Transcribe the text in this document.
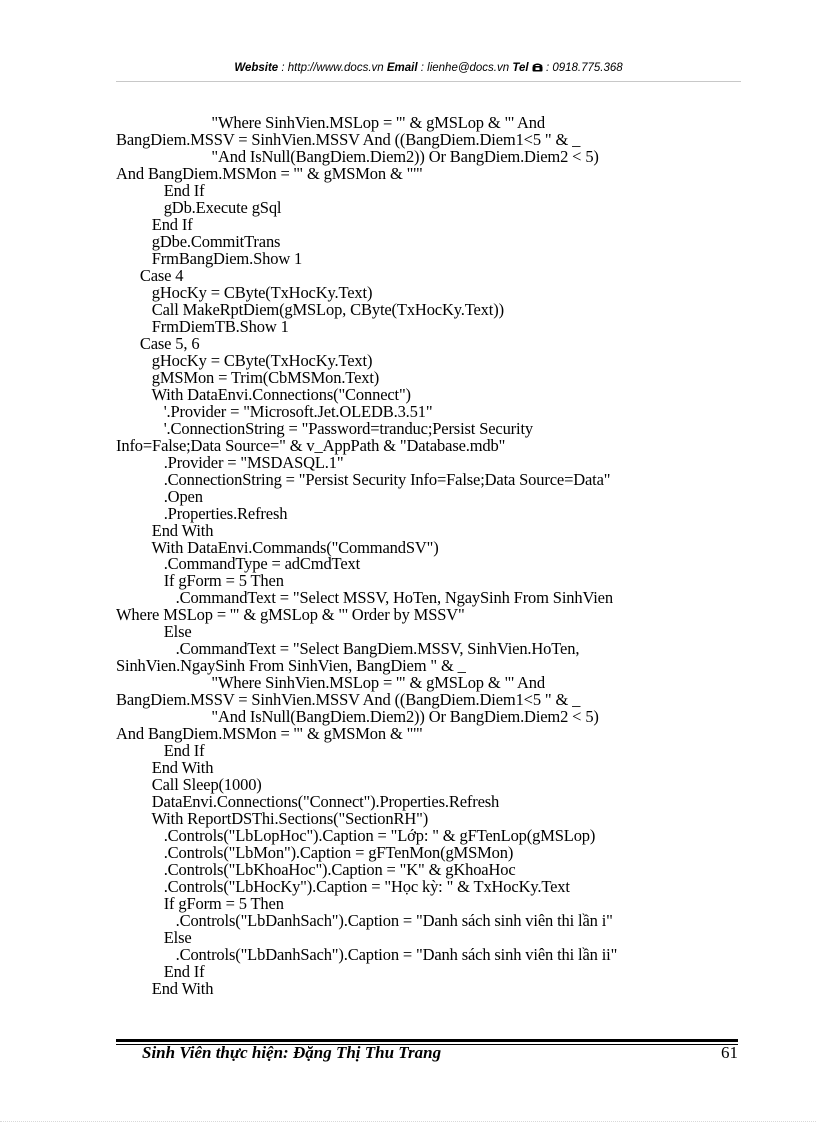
Website : http://www.docs.vn Email : lienhe@docs.vn Tel  : 0918.775.368
"Where SinhVien.MSLop = '" & gMSLop & "' And
BangDiem.MSSV = SinhVien.MSSV And ((BangDiem.Diem1<5 " & _
"And IsNull(BangDiem.Diem2)) Or BangDiem.Diem2 < 5)
And BangDiem.MSMon = '" & gMSMon & "'"
End If
gDb.Execute gSql
End If
gDbe.CommitTrans
FrmBangDiem.Show 1
Case 4
gHocKy = CByte(TxHocKy.Text)
Call MakeRptDiem(gMSLop, CByte(TxHocKy.Text))
FrmDiemTB.Show 1
Case 5, 6
gHocKy = CByte(TxHocKy.Text)
gMSMon = Trim(CbMSMon.Text)
With DataEnvi.Connections("Connect")
'.Provider = "Microsoft.Jet.OLEDB.3.51"
'.ConnectionString = "Password=tranduc;Persist Security
Info=False;Data Source=" & v_AppPath & "Database.mdb"
.Provider = "MSDASQL.1"
.ConnectionString = "Persist Security Info=False;Data Source=Data"
.Open
.Properties.Refresh
End With
With DataEnvi.Commands("CommandSV")
.CommandType = adCmdText
If gForm = 5 Then
.CommandText = "Select MSSV, HoTen, NgaySinh From SinhVien
Where MSLop = '" & gMSLop & "' Order by MSSV"
Else
.CommandText = "Select BangDiem.MSSV, SinhVien.HoTen,
SinhVien.NgaySinh From SinhVien, BangDiem " & _
"Where SinhVien.MSLop = '" & gMSLop & "' And
BangDiem.MSSV = SinhVien.MSSV And ((BangDiem.Diem1<5 " & _
"And IsNull(BangDiem.Diem2)) Or BangDiem.Diem2 < 5)
And BangDiem.MSMon = '" & gMSMon & "'"
End If
End With
Call Sleep(1000)
DataEnvi.Connections("Connect").Properties.Refresh
With ReportDSThi.Sections("SectionRH")
.Controls("LbLopHoc").Caption = "Lớp: " & gFTenLop(gMSLop)
.Controls("LbMon").Caption = gFTenMon(gMSMon)
.Controls("LbKhoaHoc").Caption = "K" & gKhoaHoc
.Controls("LbHocKy").Caption = "Học kỳ: " & TxHocKy.Text
If gForm = 5 Then
.Controls("LbDanhSach").Caption = "Danh sách sinh viên thi lần i"
Else
.Controls("LbDanhSach").Caption = "Danh sách sinh viên thi lần ii"
End If
End With
Sinh Viên thực hiện: Đặng Thị Thu Trang	61
